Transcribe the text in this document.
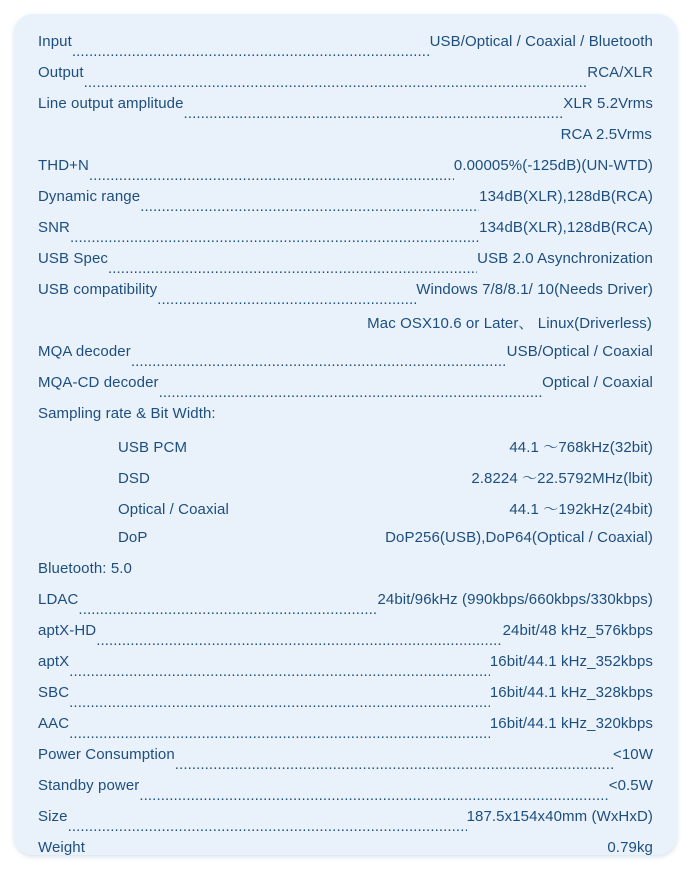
Input
.....	USB/Optical / Coaxial / Bluetooth
Output
.....	RCA/XLR
Line output amplitude
.....	XLR 5.2Vrms
RCA 2.5Vrms
THD+N
.....	0.00005%(-125dB)(UN-WTD)
Dynamic range
.....	134dB(XLR),128dB(RCA)
SNR
.....	134dB(XLR),128dB(RCA)
USB Spec
.....	USB 2.0 Asynchronization
USB compatibility
.....	Windows 7/8/8.1/ 10(Needs Driver)
Mac OSX10.6 or Later、 Linux(Driverless)
MQA decoder
.....	USB/Optical / Coaxial
MQA-CD decoder
.....	Optical / Coaxial
Sampling rate & Bit Width:
USB PCM	44.1 ～768kHz(32bit)
DSD	2.8224 ～22.5792MHz(lbit)
Optical / Coaxial	44.1 ～192kHz(24bit)
DoP	DoP256(USB),DoP64(Optical / Coaxial)
Bluetooth: 5.0
LDAC
.....	24bit/96kHz (990kbps/660kbps/330kbps)
aptX-HD
.....	24bit/48 kHz_576kbps
aptX
.....	16bit/44.1 kHz_352kbps
SBC
.....	16bit/44.1 kHz_328kbps
AAC
.....	16bit/44.1 kHz_320kbps
Power Consumption
.....	<10W
Standby power
.....	<0.5W
Size
.....	187.5x154x40mm (WxHxD)
Weight
.....	0.79kg
